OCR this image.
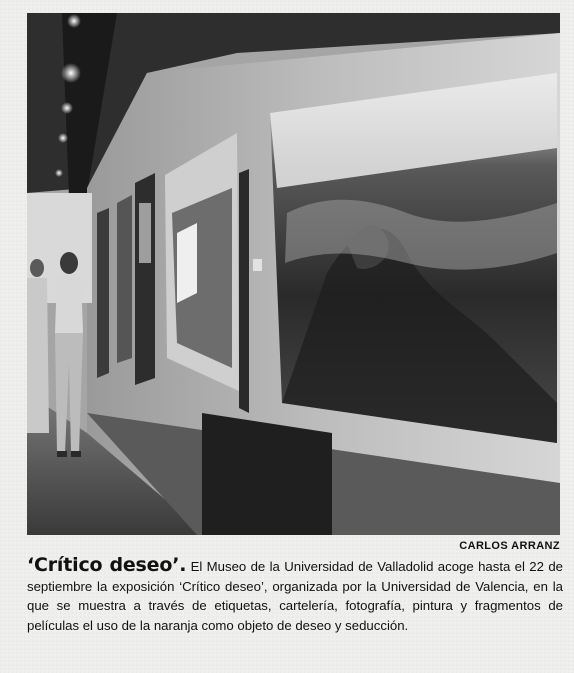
CARLOS ARRANZ
‘Crítico deseo’. El Museo de la Universidad de Valladolid acoge hasta el 22 de septiembre la exposición ‘Crítico deseo’, organizada por la Universidad de Valencia, en la que se muestra a través de etiquetas, cartelería, fotografía, pintura y fragmentos de películas el uso de la naranja como objeto de deseo y seducción.
